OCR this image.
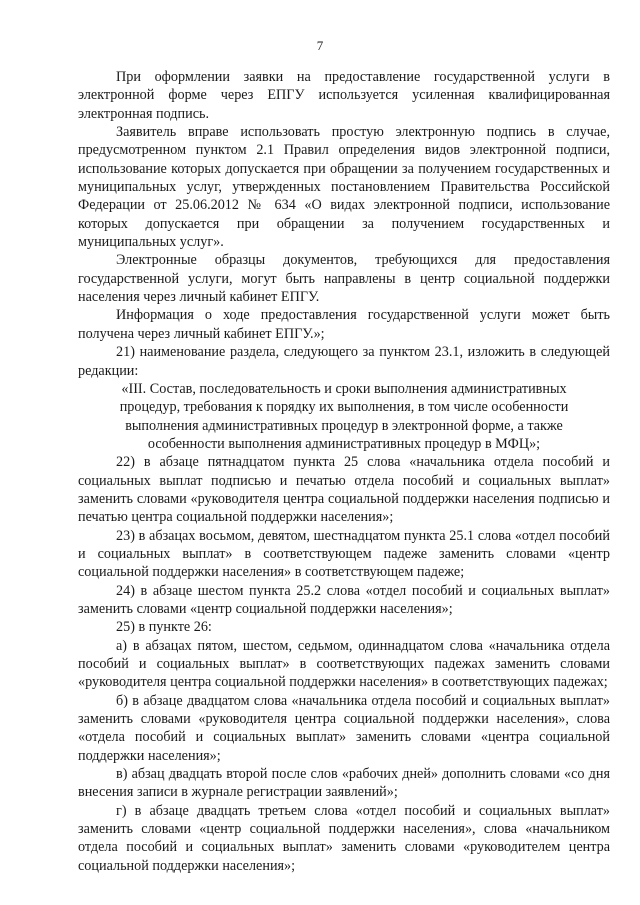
7

При оформлении заявки на предоставление государственной услуги в электронной форме через ЕПГУ используется усиленная квалифицированная электронная подпись.

Заявитель вправе использовать простую электронную подпись в случае, предусмотренном пунктом 2.1 Правил определения видов электронной подписи, использование которых допускается при обращении за получением государственных и муниципальных услуг, утвержденных постановлением Правительства Российской Федерации от 25.06.2012 № 634 «О видах электронной подписи, использование которых допускается при обращении за получением государственных и муниципальных услуг».

Электронные образцы документов, требующихся для предоставления государственной услуги, могут быть направлены в центр социальной поддержки населения через личный кабинет ЕПГУ.

Информация о ходе предоставления государственной услуги может быть получена через личный кабинет ЕПГУ.»;

21) наименование раздела, следующего за пунктом 23.1, изложить в следующей редакции:

«III. Состав, последовательность и сроки выполнения административных
процедур, требования к порядку их выполнения, в том числе особенности
выполнения административных процедур в электронной форме, а также
особенности выполнения административных процедур в МФЦ»;

22) в абзаце пятнадцатом пункта 25 слова «начальника отдела пособий и социальных выплат подписью и печатью отдела пособий и социальных выплат» заменить словами «руководителя центра социальной поддержки населения подписью и печатью центра социальной поддержки населения»;

23) в абзацах восьмом, девятом, шестнадцатом пункта 25.1 слова «отдел пособий и социальных выплат» в соответствующем падеже заменить словами «центр социальной поддержки населения» в соответствующем падеже;

24) в абзаце шестом пункта 25.2 слова «отдел пособий и социальных выплат» заменить словами «центр социальной поддержки населения»;

25) в пункте 26:

а) в абзацах пятом, шестом, седьмом, одиннадцатом слова «начальника отдела пособий и социальных выплат» в соответствующих падежах заменить словами «руководителя центра социальной поддержки населения» в соответствующих падежах;

б) в абзаце двадцатом слова «начальника отдела пособий и социальных выплат» заменить словами «руководителя центра социальной поддержки населения», слова «отдела пособий и социальных выплат» заменить словами «центра социальной поддержки населения»;

в) абзац двадцать второй после слов «рабочих дней» дополнить словами «со дня внесения записи в журнале регистрации заявлений»;

г) в абзаце двадцать третьем слова «отдел пособий и социальных выплат» заменить словами «центр социальной поддержки населения», слова «начальником отдела пособий и социальных выплат» заменить словами «руководителем центра социальной поддержки населения»;
